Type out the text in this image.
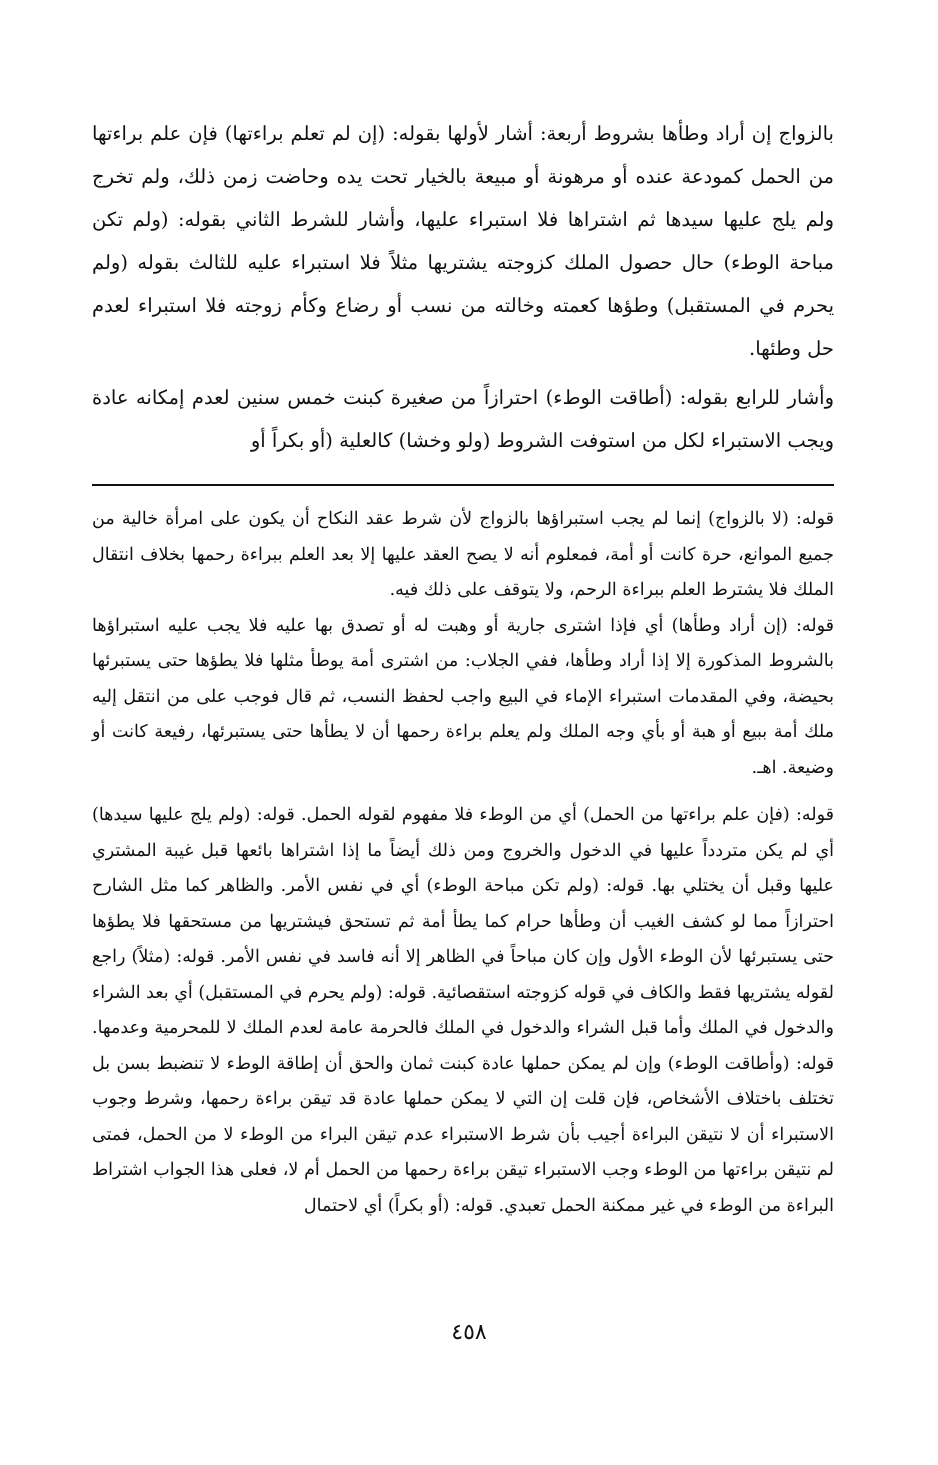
بالزواج إن أراد وطأها بشروط أربعة: أشار لأولها بقوله: (إن لم تعلم براءتها) فإن علم براءتها من الحمل كمودعة عنده أو مرهونة أو مبيعة بالخيار تحت يده وحاضت زمن ذلك، ولم تخرج ولم يلج عليها سيدها ثم اشتراها فلا استبراء عليها، وأشار للشرط الثاني بقوله: (ولم تكن مباحة الوطء) حال حصول الملك كزوجته يشتريها مثلاً فلا استبراء عليه للثالث بقوله (ولم يحرم في المستقبل) وطؤها كعمته وخالته من نسب أو رضاع وكأم زوجته فلا استبراء لعدم حل وطئها.

وأشار للرابع بقوله: (أطاقت الوطء) احترازاً من صغيرة كبنت خمس سنين لعدم إمكانه عادة ويجب الاستبراء لكل من استوفت الشروط (ولو وخشا) كالعلية (أو بكراً أو

قوله: (لا بالزواج) إنما لم يجب استبراؤها بالزواج لأن شرط عقد النكاح أن يكون على امرأة خالية من جميع الموانع، حرة كانت أو أمة، فمعلوم أنه لا يصح العقد عليها إلا بعد العلم ببراءة رحمها بخلاف انتقال الملك فلا يشترط العلم ببراءة الرحم، ولا يتوقف على ذلك فيه.

قوله: (إن أراد وطأها) أي فإذا اشترى جارية أو وهبت له أو تصدق بها عليه فلا يجب عليه استبراؤها بالشروط المذكورة إلا إذا أراد وطأها، ففي الجلاب: من اشترى أمة يوطأ مثلها فلا يطؤها حتى يستبرئها بحيضة، وفي المقدمات استبراء الإماء في البيع واجب لحفظ النسب، ثم قال فوجب على من انتقل إليه ملك أمة ببيع أو هبة أو بأي وجه الملك ولم يعلم براءة رحمها أن لا يطأها حتى يستبرئها، رفيعة كانت أو وضيعة. اهـ.

قوله: (فإن علم براءتها من الحمل) أي من الوطء فلا مفهوم لقوله الحمل. قوله: (ولم يلج عليها سيدها) أي لم يكن متردداً عليها في الدخول والخروج ومن ذلك أيضاً ما إذا اشتراها بائعها قبل غيبة المشتري عليها وقبل أن يختلي بها. قوله: (ولم تكن مباحة الوطء) أي في نفس الأمر. والظاهر كما مثل الشارح احترازاً مما لو كشف الغيب أن وطأها حرام كما يطأ أمة ثم تستحق فيشتريها من مستحقها فلا يطؤها حتى يستبرئها لأن الوطء الأول وإن كان مباحاً في الظاهر إلا أنه فاسد في نفس الأمر. قوله: (مثلاً) راجع لقوله يشتريها فقط والكاف في قوله كزوجته استقصائية. قوله: (ولم يحرم في المستقبل) أي بعد الشراء والدخول في الملك وأما قبل الشراء والدخول في الملك فالحرمة عامة لعدم الملك لا للمحرمية وعدمها. قوله: (وأطاقت الوطء) وإن لم يمكن حملها عادة كبنت ثمان والحق أن إطاقة الوطء لا تنضبط بسن بل تختلف باختلاف الأشخاص، فإن قلت إن التي لا يمكن حملها عادة قد تيقن براءة رحمها، وشرط وجوب الاستبراء أن لا نتيقن البراءة أجيب بأن شرط الاستبراء عدم تيقن البراء من الوطء لا من الحمل، فمتى لم نتيقن براءتها من الوطء وجب الاستبراء تيقن براءة رحمها من الحمل أم لا، فعلى هذا الجواب اشتراط البراءة من الوطء في غير ممكنة الحمل تعبدي. قوله: (أو بكراً) أي لاحتمال

٤٥٨
